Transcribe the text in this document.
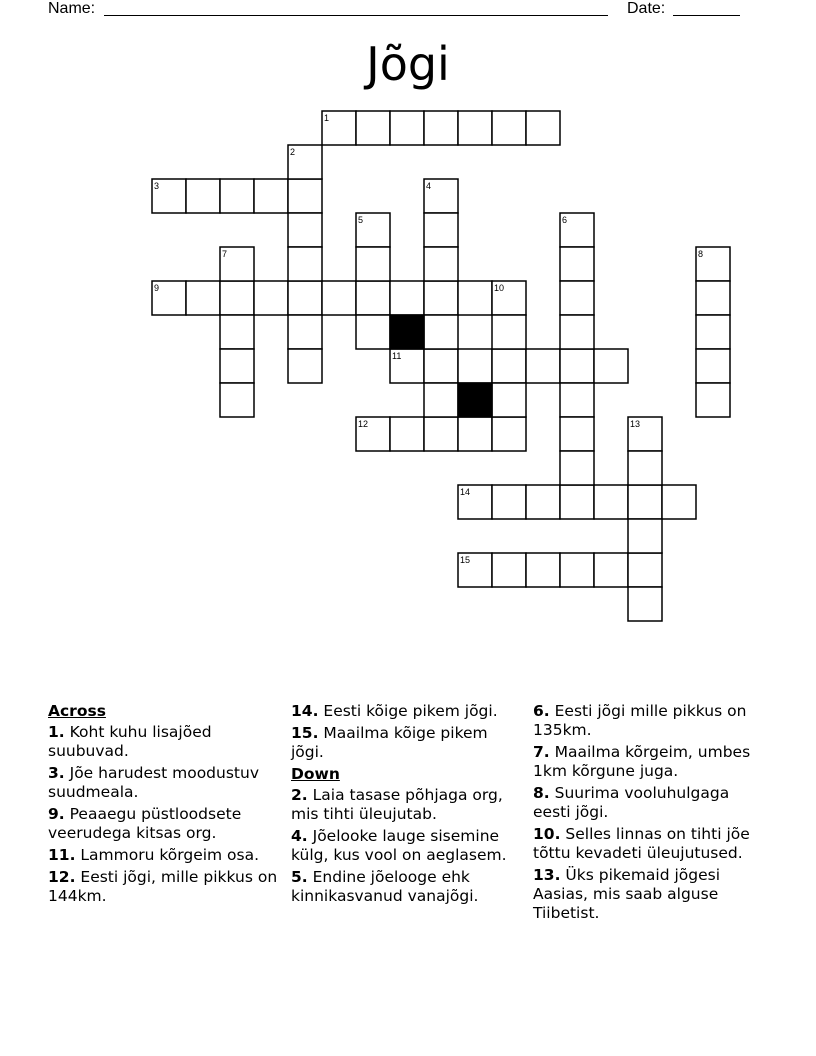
Name:	Date:
Jõgi
1
3
9
11
12
14
15
2
4
5	6
7	8
10
13
Across
1. Koht kuhu lisajõed suubuvad.
3. Jõe harudest moodustuv suudmeala.
9. Peaaegu püstloodsete veerudega kitsas org.
11. Lammoru kõrgeim osa.
12. Eesti jõgi, mille pikkus on 144km.
14. Eesti kõige pikem jõgi.
15. Maailma kõige pikem jõgi.
Down
2. Laia tasase põhjaga org, mis tihti üleujutab.
4. Jõelooke lauge sisemine külg, kus vool on aeglasem.
5. Endine jõelooge ehk kinnikasvanud vanajõgi.
6. Eesti jõgi mille pikkus on 135km.
7. Maailma kõrgeim, umbes 1km kõrgune juga.
8. Suurima vooluhulgaga eesti jõgi.
10. Selles linnas on tihti jõe tõttu kevadeti üleujutused.
13. Üks pikemaid jõgesi Aasias, mis saab alguse Tiibetist.
